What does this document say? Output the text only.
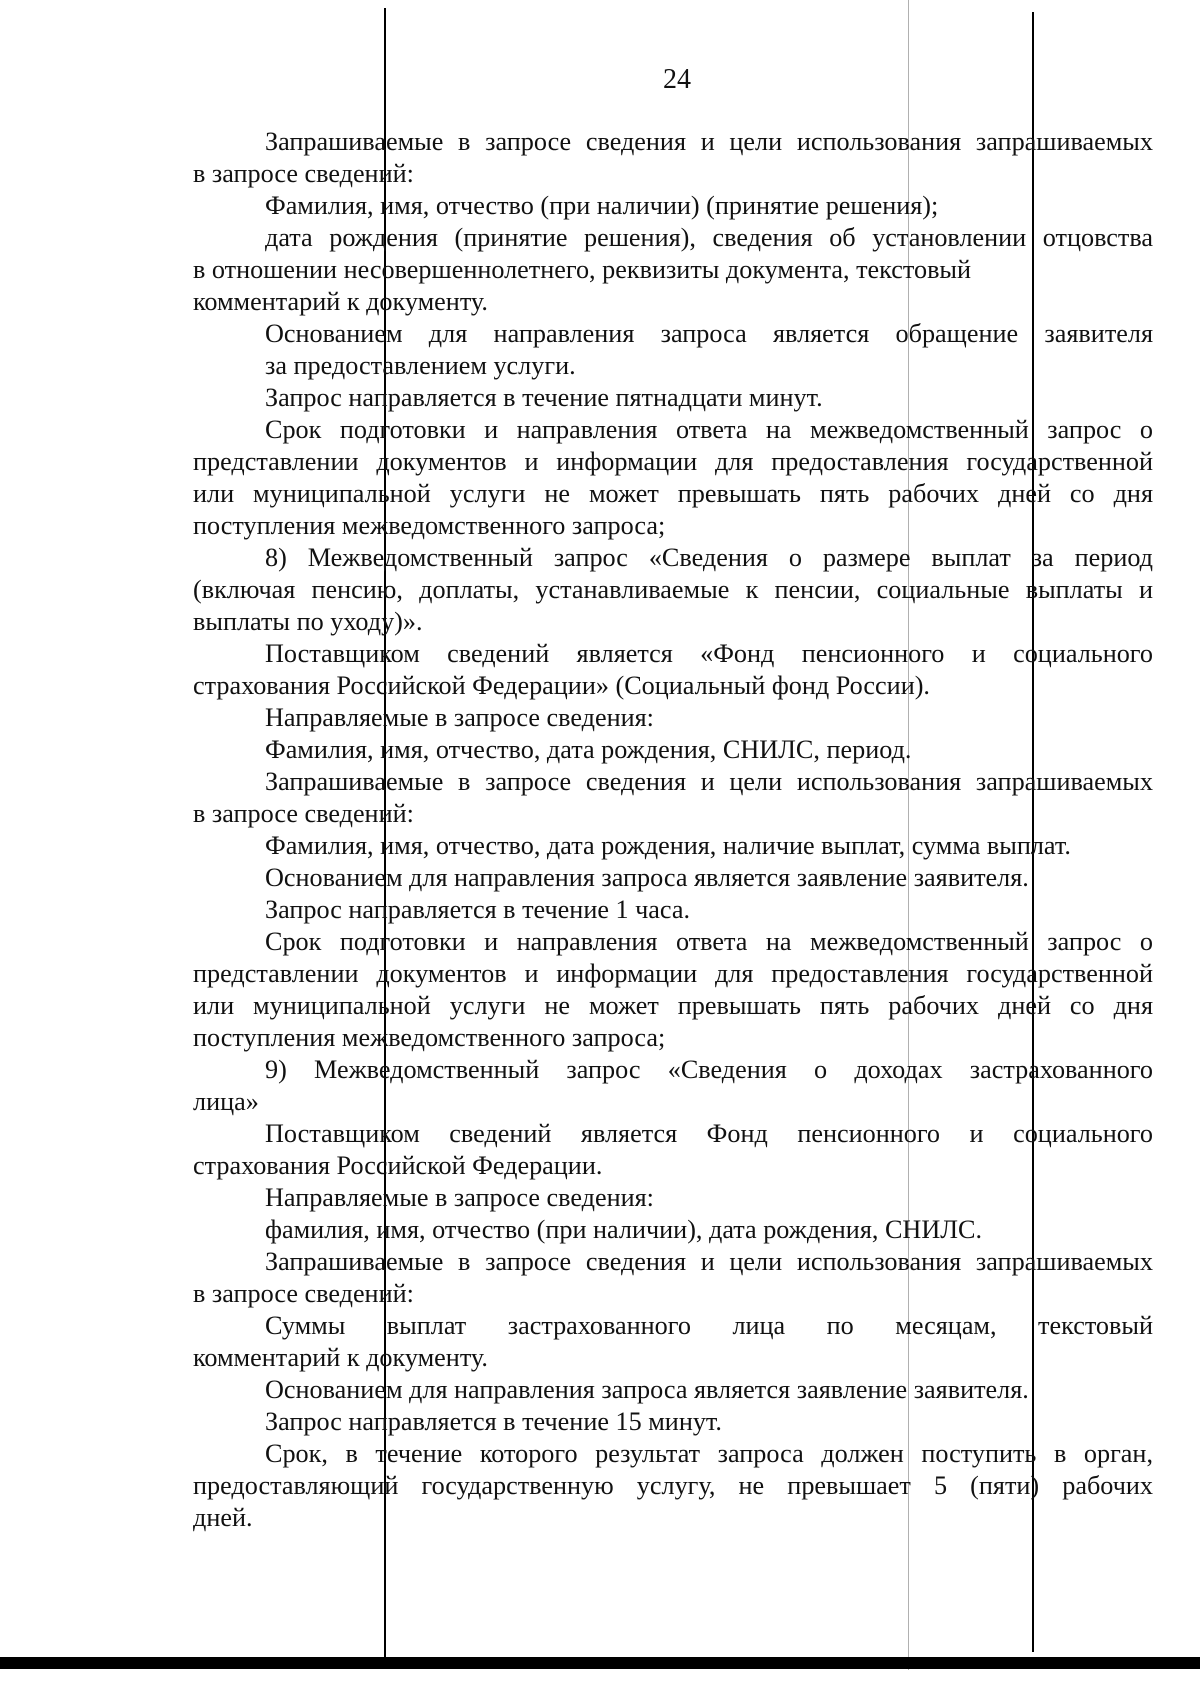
24
Запрашиваемые в запросе сведения и цели использования запрашиваемых
в запросе сведений:
Фамилия, имя, отчество (при наличии) (принятие решения);
дата рождения (принятие решения), сведения об установлении отцовства
в отношении несовершеннолетнего, реквизиты документа, текстовый
комментарий к документу.
Основанием для направления запроса является обращение заявителя
за предоставлением услуги.
Запрос направляется в течение пятнадцати минут.
Срок подготовки и направления ответа на межведомственный запрос о
представлении документов и информации для предоставления государственной
или муниципальной услуги не может превышать пять рабочих дней со дня
поступления межведомственного запроса;
8) Межведомственный запрос «Сведения о размере выплат за период
(включая пенсию, доплаты, устанавливаемые к пенсии, социальные выплаты и
выплаты по уходу)».
Поставщиком сведений является «Фонд пенсионного и социального
страхования Российской Федерации» (Социальный фонд России).
Направляемые в запросе сведения:
Фамилия, имя, отчество, дата рождения, СНИЛС, период.
Запрашиваемые в запросе сведения и цели использования запрашиваемых
в запросе сведений:
Фамилия, имя, отчество, дата рождения, наличие выплат, сумма выплат.
Основанием для направления запроса является заявление заявителя.
Запрос направляется в течение 1 часа.
Срок подготовки и направления ответа на межведомственный запрос о
представлении документов и информации для предоставления государственной
или муниципальной услуги не может превышать пять рабочих дней со дня
поступления межведомственного запроса;
9) Межведомственный запрос «Сведения о доходах застрахованного
лица»
Поставщиком сведений является Фонд пенсионного и социального
страхования Российской Федерации.
Направляемые в запросе сведения:
фамилия, имя, отчество (при наличии), дата рождения, СНИЛС.
Запрашиваемые в запросе сведения и цели использования запрашиваемых
в запросе сведений:
Суммы выплат застрахованного лица по месяцам, текстовый
комментарий к документу.
Основанием для направления запроса является заявление заявителя.
Запрос направляется в течение 15 минут.
Срок, в течение которого результат запроса должен поступить в орган,
предоставляющий государственную услугу, не превышает 5 (пяти) рабочих
дней.
